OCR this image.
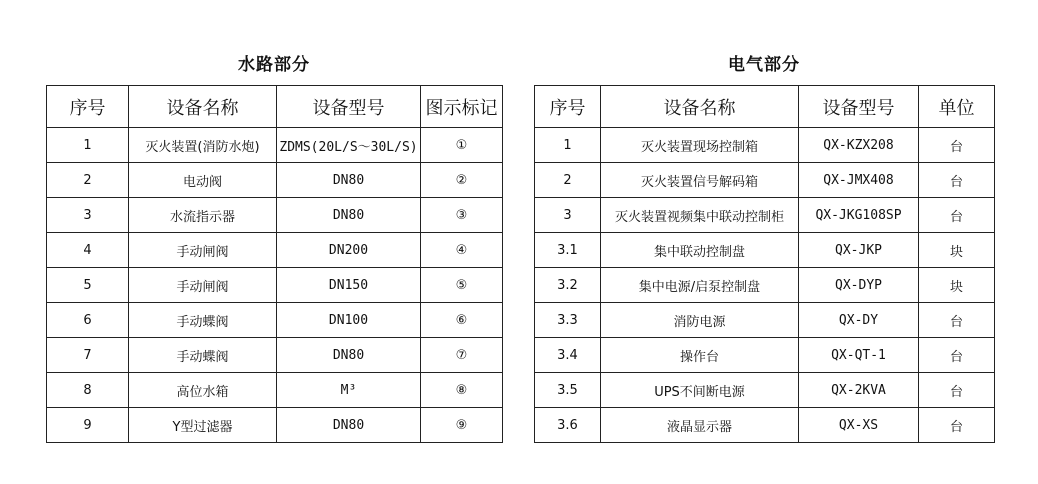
水路部分
序号	设备名称	设备型号	图示标记
1	灭火装置(消防水炮)	ZDMS(20L/S～30L/S)	①
2	电动阀	DN80	②
3	水流指示器	DN80	③
4	手动闸阀	DN200	④
5	手动闸阀	DN150	⑤
6	手动蝶阀	DN100	⑥
7	手动蝶阀	DN80	⑦
8	高位水箱	M³	⑧
9	Y型过滤器	DN80	⑨
电气部分
序号	设备名称	设备型号	单位
1	灭火装置现场控制箱	QX-KZX208	台
2	灭火装置信号解码箱	QX-JMX408	台
3	灭火装置视频集中联动控制柜	QX-JKG108SP	台
3.1	集中联动控制盘	QX-JKP	块
3.2	集中电源/启泵控制盘	QX-DYP	块
3.3	消防电源	QX-DY	台
3.4	操作台	QX-QT-1	台
3.5	UPS不间断电源	QX-2KVA	台
3.6	液晶显示器	QX-XS	台
